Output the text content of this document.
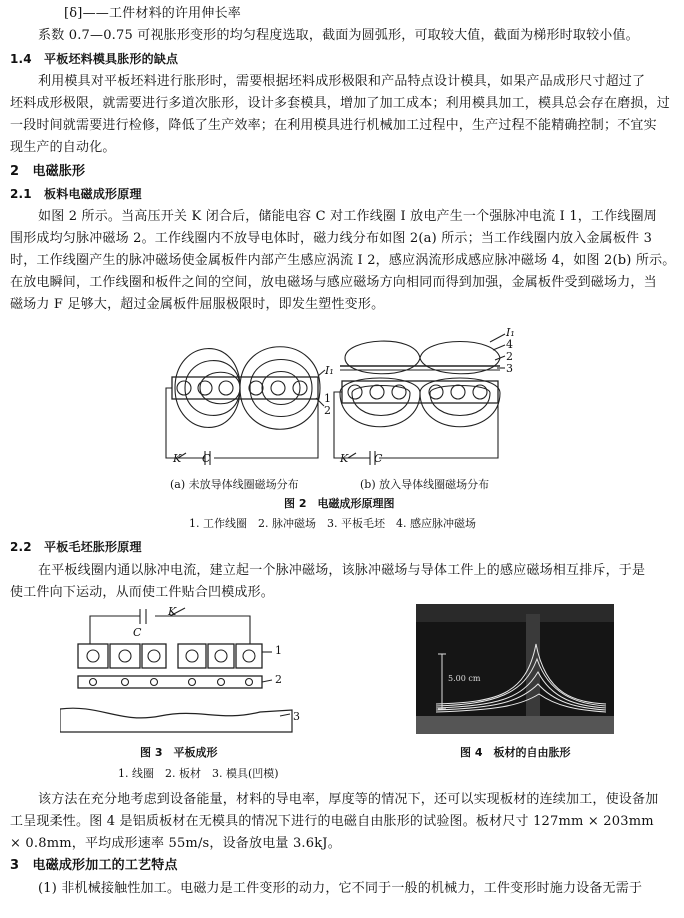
[δ]——工件材料的许用伸长率
系数 0.7—0.75 可视胀形变形的均匀程度选取，截面为圆弧形，可取较大值，截面为梯形时取较小值。
1.4　平板坯料模具胀形的缺点
利用模具对平板坯料进行胀形时，需要根据坯料成形极限和产品特点设计模具，如果产品成形尺寸超过了
坯料成形极限，就需要进行多道次胀形，设计多套模具，增加了加工成本；利用模具加工，模具总会存在磨损，过
一段时间就需要进行检修，降低了生产效率；在利用模具进行机械加工过程中，生产过程不能精确控制；不宜实
现生产的自动化。
2　电磁胀形
2.1　板料电磁成形原理
如图 2 所示。当高压开关 K 闭合后，储能电容 C 对工作线圈 I 放电产生一个强脉冲电流 I 1，工作线圈周
围形成均匀脉冲磁场 2。工作线圈内不放导电体时，磁力线分布如图 2(a) 所示；当工作线圈内放入金属板件 3
时，工作线圈产生的脉冲磁场使金属板件内部产生感应涡流 I 2，感应涡流形成感应脉冲磁场 4，如图 2(b) 所示。
在放电瞬间，工作线圈和板件之间的空间，放电磁场与感应磁场方向相同而得到加强，金属板件受到磁场力，当
磁场力 F 足够大，超过金属板件屈服极限时，即发生塑性变形。
K C
I₁
2
1
K C
I₁
4
2
3
(a) 未放导体线圈磁场分布	(b) 放入导体线圈磁场分布
图 2　电磁成形原理图
1. 工作线圈　2. 脉冲磁场　3. 平板毛坯　4. 感应脉冲磁场
2.2　平板毛坯胀形原理
在平板线圈内通以脉冲电流，建立起一个脉冲磁场，该脉冲磁场与导体工件上的感应磁场相互排斥，于是
使工件向下运动，从而使工件贴合凹模成形。
K
C
1
2
3
图 3　平板成形
1. 线圈　2. 板材　3. 模具(凹模)
5.00 cm
图 4　板材的自由胀形
该方法在充分地考虑到设备能量，材料的导电率，厚度等的情况下，还可以实现板材的连续加工，使设备加
工呈现柔性。图 4 是铝质板材在无模具的情况下进行的电磁自由胀形的试验图。板材尺寸 127mm × 203mm
× 0.8mm，平均成形速率 55m/s，设备放电量 3.6kJ。
3　电磁成形加工的工艺特点
(1) 非机械接触性加工。电磁力是工件变形的动力，它不同于一般的机械力，工件变形时施力设备无需于
